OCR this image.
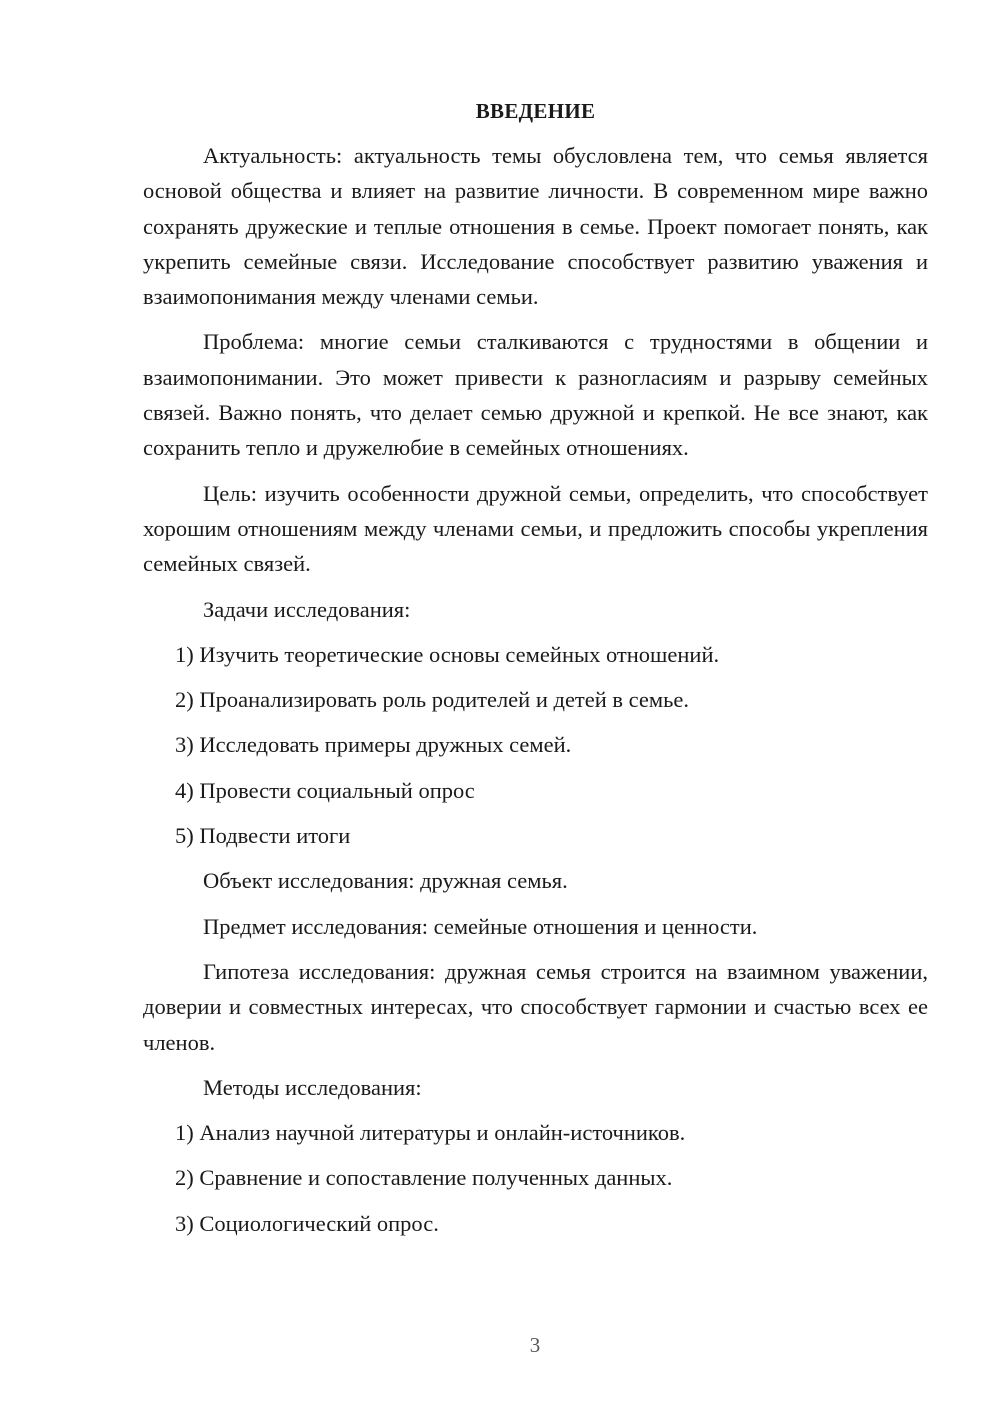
ВВЕДЕНИЕ

Актуальность: актуальность темы обусловлена тем, что семья является основой общества и влияет на развитие личности. В современном мире важно сохранять дружеские и теплые отношения в семье. Проект помогает понять, как укрепить семейные связи. Исследование способствует развитию уважения и взаимопонимания между членами семьи.

Проблема: многие семьи сталкиваются с трудностями в общении и взаимопонимании. Это может привести к разногласиям и разрыву семейных связей. Важно понять, что делает семью дружной и крепкой. Не все знают, как сохранить тепло и дружелюбие в семейных отношениях.

Цель: изучить особенности дружной семьи, определить, что способствует хорошим отношениям между членами семьи, и предложить способы укрепления семейных связей.

Задачи исследования:

1) Изучить теоретические основы семейных отношений.

2) Проанализировать роль родителей и детей в семье.

3) Исследовать примеры дружных семей.

4) Провести социальный опрос

5) Подвести итоги

Объект исследования: дружная семья.

Предмет исследования: семейные отношения и ценности.

Гипотеза исследования: дружная семья строится на взаимном уважении, доверии и совместных интересах, что способствует гармонии и счастью всех ее членов.

Методы исследования:

1) Анализ научной литературы и онлайн-источников.

2) Сравнение и сопоставление полученных данных.

3) Социологический опрос.

3
